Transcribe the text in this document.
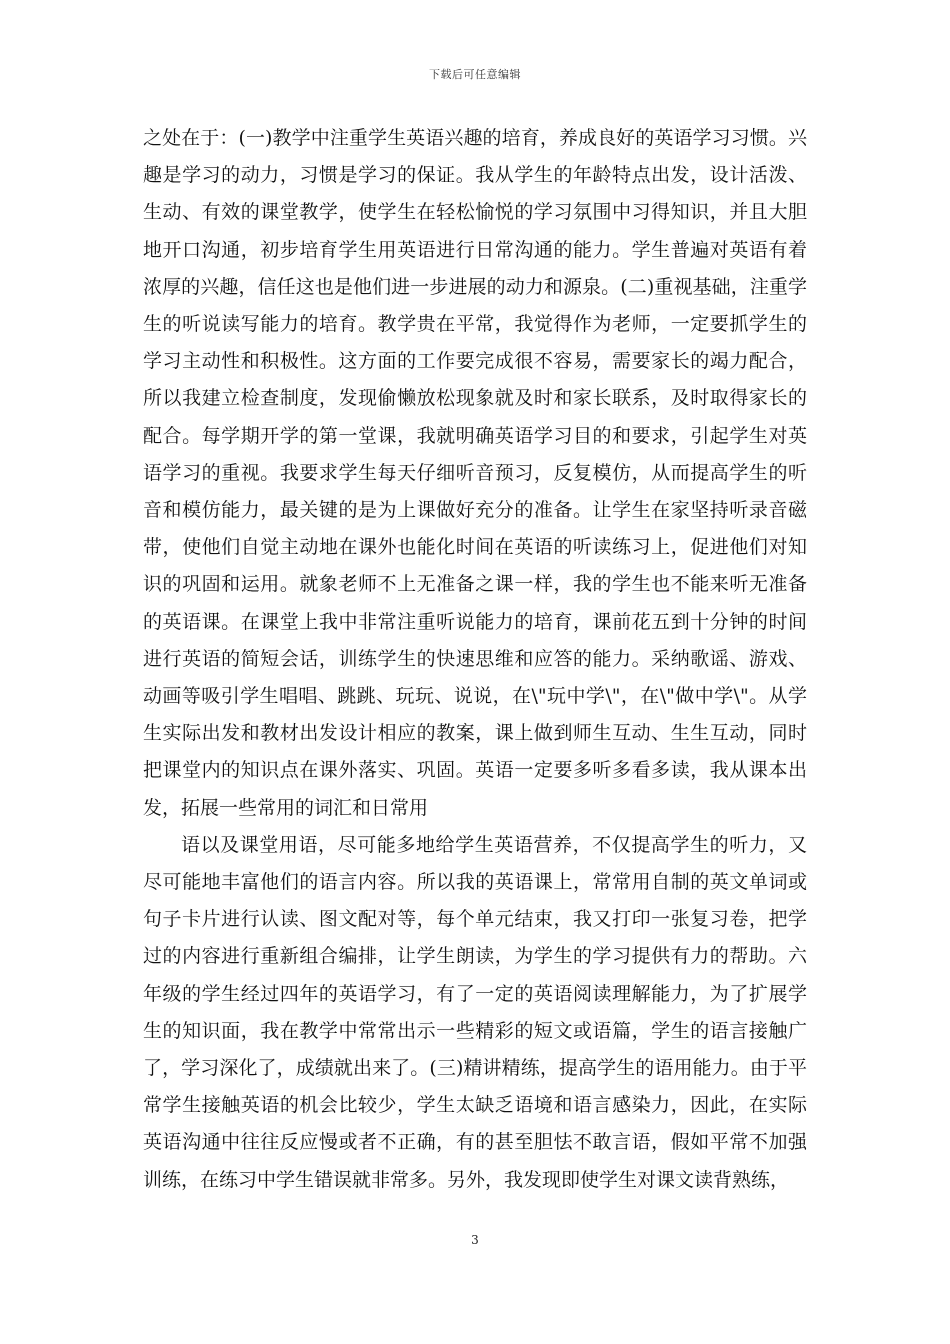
下载后可任意编辑

之处在于：(一)教学中注重学生英语兴趣的培育，养成良好的英语学习习惯。兴趣是学习的动力，习惯是学习的保证。我从学生的年龄特点出发，设计活泼、生动、有效的课堂教学，使学生在轻松愉悦的学习氛围中习得知识，并且大胆地开口沟通，初步培育学生用英语进行日常沟通的能力。学生普遍对英语有着浓厚的兴趣，信任这也是他们进一步进展的动力和源泉。(二)重视基础，注重学生的听说读写能力的培育。教学贵在平常，我觉得作为老师，一定要抓学生的学习主动性和积极性。这方面的工作要完成很不容易，需要家长的竭力配合，所以我建立检查制度，发现偷懒放松现象就及时和家长联系，及时取得家长的配合。每学期开学的第一堂课，我就明确英语学习目的和要求，引起学生对英语学习的重视。我要求学生每天仔细听音预习，反复模仿，从而提高学生的听音和模仿能力，最关键的是为上课做好充分的准备。让学生在家坚持听录音磁带，使他们自觉主动地在课外也能化时间在英语的听读练习上，促进他们对知识的巩固和运用。就象老师不上无准备之课一样，我的学生也不能来听无准备的英语课。在课堂上我中非常注重听说能力的培育，课前花五到十分钟的时间进行英语的简短会话，训练学生的快速思维和应答的能力。采纳歌谣、游戏、动画等吸引学生唱唱、跳跳、玩玩、说说，在\"玩中学\"，在\"做中学\"。从学生实际出发和教材出发设计相应的教案，课上做到师生互动、生生互动，同时把课堂内的知识点在课外落实、巩固。英语一定要多听多看多读，我从课本出发，拓展一些常用的词汇和日常用

语以及课堂用语，尽可能多地给学生英语营养，不仅提高学生的听力，又尽可能地丰富他们的语言内容。所以我的英语课上，常常用自制的英文单词或句子卡片进行认读、图文配对等，每个单元结束，我又打印一张复习卷，把学过的内容进行重新组合编排，让学生朗读，为学生的学习提供有力的帮助。六年级的学生经过四年的英语学习，有了一定的英语阅读理解能力，为了扩展学生的知识面，我在教学中常常出示一些精彩的短文或语篇，学生的语言接触广了，学习深化了，成绩就出来了。(三)精讲精练，提高学生的语用能力。由于平常学生接触英语的机会比较少，学生太缺乏语境和语言感染力，因此，在实际英语沟通中往往反应慢或者不正确，有的甚至胆怯不敢言语，假如平常不加强训练，在练习中学生错误就非常多。另外，我发现即使学生对课文读背熟练，

3
